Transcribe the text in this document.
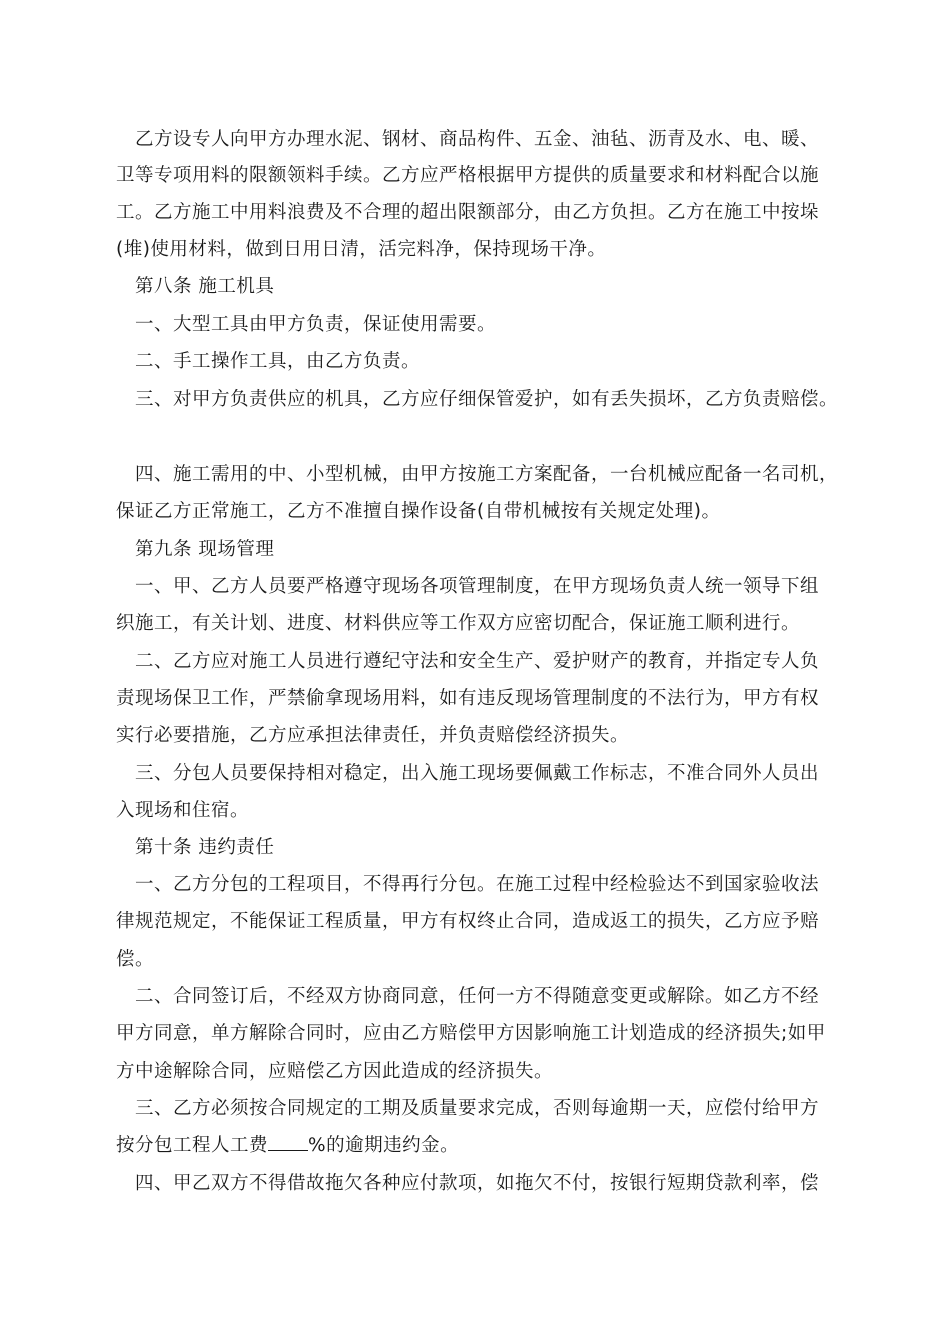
　乙方设专人向甲方办理水泥、钢材、商品构件、五金、油毡、沥青及水、电、暖、
卫等专项用料的限额领料手续。乙方应严格根据甲方提供的质量要求和材料配合以施
工。乙方施工中用料浪费及不合理的超出限额部分，由乙方负担。乙方在施工中按垛
(堆)使用材料，做到日用日清，活完料净，保持现场干净。
　第八条 施工机具
　一、大型工具由甲方负责，保证使用需要。
　二、手工操作工具，由乙方负责。
　三、对甲方负责供应的机具，乙方应仔细保管爱护，如有丢失损坏，乙方负责赔偿。
　四、施工需用的中、小型机械，由甲方按施工方案配备，一台机械应配备一名司机，
保证乙方正常施工，乙方不准擅自操作设备(自带机械按有关规定处理)。
　第九条 现场管理
　一、甲、乙方人员要严格遵守现场各项管理制度，在甲方现场负责人统一领导下组
织施工，有关计划、进度、材料供应等工作双方应密切配合，保证施工顺利进行。
　二、乙方应对施工人员进行遵纪守法和安全生产、爱护财产的教育，并指定专人负
责现场保卫工作，严禁偷拿现场用料，如有违反现场管理制度的不法行为，甲方有权
实行必要措施，乙方应承担法律责任，并负责赔偿经济损失。
　三、分包人员要保持相对稳定，出入施工现场要佩戴工作标志，不准合同外人员出
入现场和住宿。
　第十条 违约责任
　一、乙方分包的工程项目，不得再行分包。在施工过程中经检验达不到国家验收法
律规范规定，不能保证工程质量，甲方有权终止合同，造成返工的损失，乙方应予赔
偿。
　二、合同签订后，不经双方协商同意，任何一方不得随意变更或解除。如乙方不经
甲方同意，单方解除合同时，应由乙方赔偿甲方因影响施工计划造成的经济损失;如甲
方中途解除合同，应赔偿乙方因此造成的经济损失。
　三、乙方必须按合同规定的工期及质量要求完成，否则每逾期一天，应偿付给甲方
按分包工程人工费 %的逾期违约金。
　四、甲乙双方不得借故拖欠各种应付款项，如拖欠不付，按银行短期贷款利率，偿
